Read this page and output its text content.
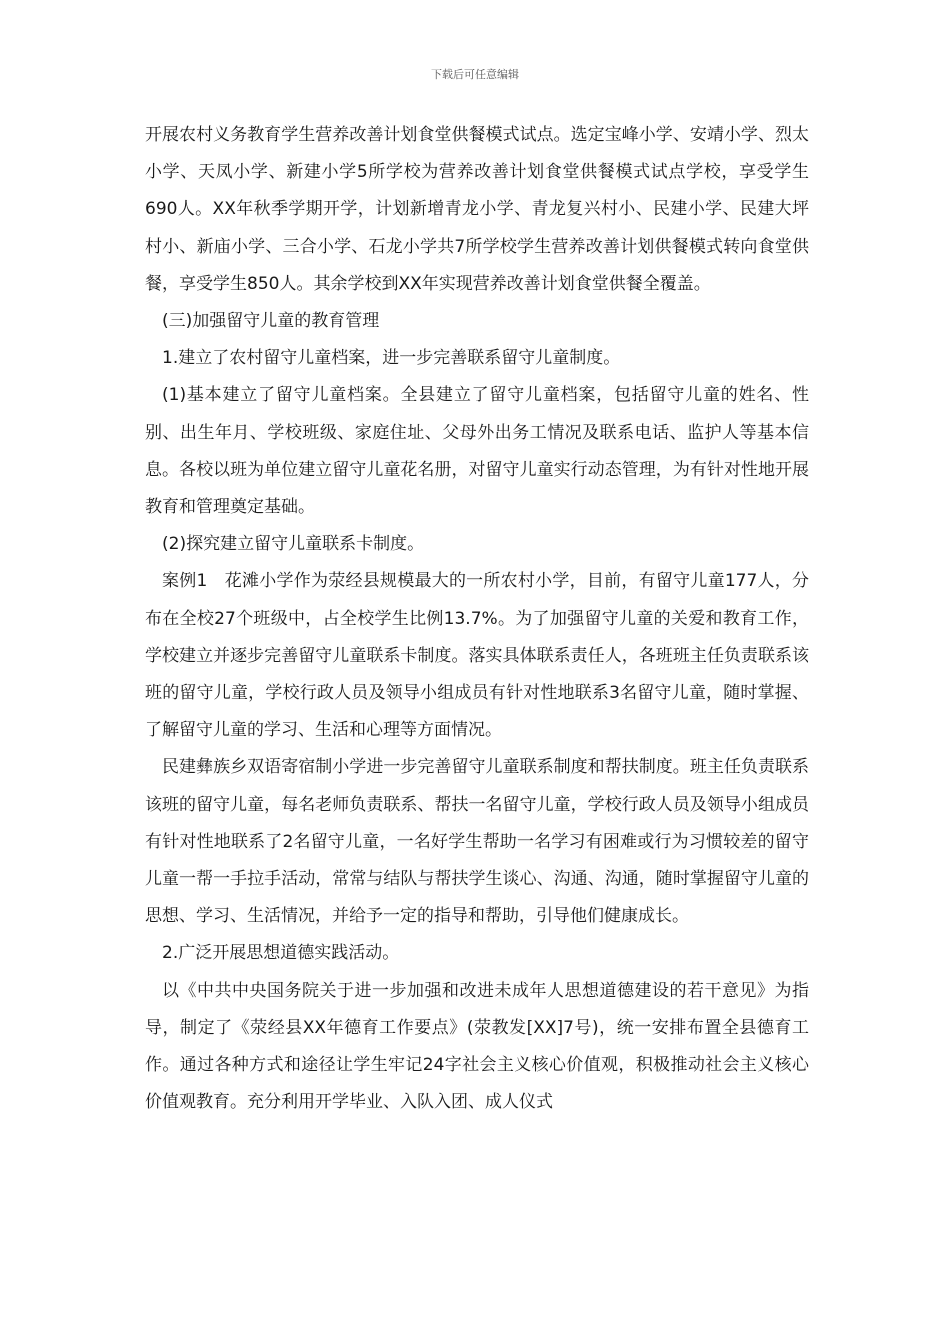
下载后可任意编辑

开展农村义务教育学生营养改善计划食堂供餐模式试点。选定宝峰小学、安靖小学、烈太小学、天凤小学、新建小学5所学校为营养改善计划食堂供餐模式试点学校，享受学生690人。XX年秋季学期开学，计划新增青龙小学、青龙复兴村小、民建小学、民建大坪村小、新庙小学、三合小学、石龙小学共7所学校学生营养改善计划供餐模式转向食堂供餐，享受学生850人。其余学校到XX年实现营养改善计划食堂供餐全覆盖。

(三)加强留守儿童的教育管理

1.建立了农村留守儿童档案，进一步完善联系留守儿童制度。

(1)基本建立了留守儿童档案。全县建立了留守儿童档案，包括留守儿童的姓名、性别、出生年月、学校班级、家庭住址、父母外出务工情况及联系电话、监护人等基本信息。各校以班为单位建立留守儿童花名册，对留守儿童实行动态管理，为有针对性地开展教育和管理奠定基础。

(2)探究建立留守儿童联系卡制度。

案例1　花滩小学作为荥经县规模最大的一所农村小学，目前，有留守儿童177人，分布在全校27个班级中，占全校学生比例13.7%。为了加强留守儿童的关爱和教育工作，学校建立并逐步完善留守儿童联系卡制度。落实具体联系责任人，各班班主任负责联系该班的留守儿童，学校行政人员及领导小组成员有针对性地联系3名留守儿童，随时掌握、了解留守儿童的学习、生活和心理等方面情况。

民建彝族乡双语寄宿制小学进一步完善留守儿童联系制度和帮扶制度。班主任负责联系该班的留守儿童，每名老师负责联系、帮扶一名留守儿童，学校行政人员及领导小组成员有针对性地联系了2名留守儿童，一名好学生帮助一名学习有困难或行为习惯较差的留守儿童一帮一手拉手活动，常常与结队与帮扶学生谈心、沟通、沟通，随时掌握留守儿童的思想、学习、生活情况，并给予一定的指导和帮助，引导他们健康成长。

2.广泛开展思想道德实践活动。

以《中共中央国务院关于进一步加强和改进未成年人思想道德建设的若干意见》为指导，制定了《荥经县XX年德育工作要点》(荥教发[XX]7号)，统一安排布置全县德育工作。通过各种方式和途径让学生牢记24字社会主义核心价值观，积极推动社会主义核心价值观教育。充分利用开学毕业、入队入团、成人仪式
